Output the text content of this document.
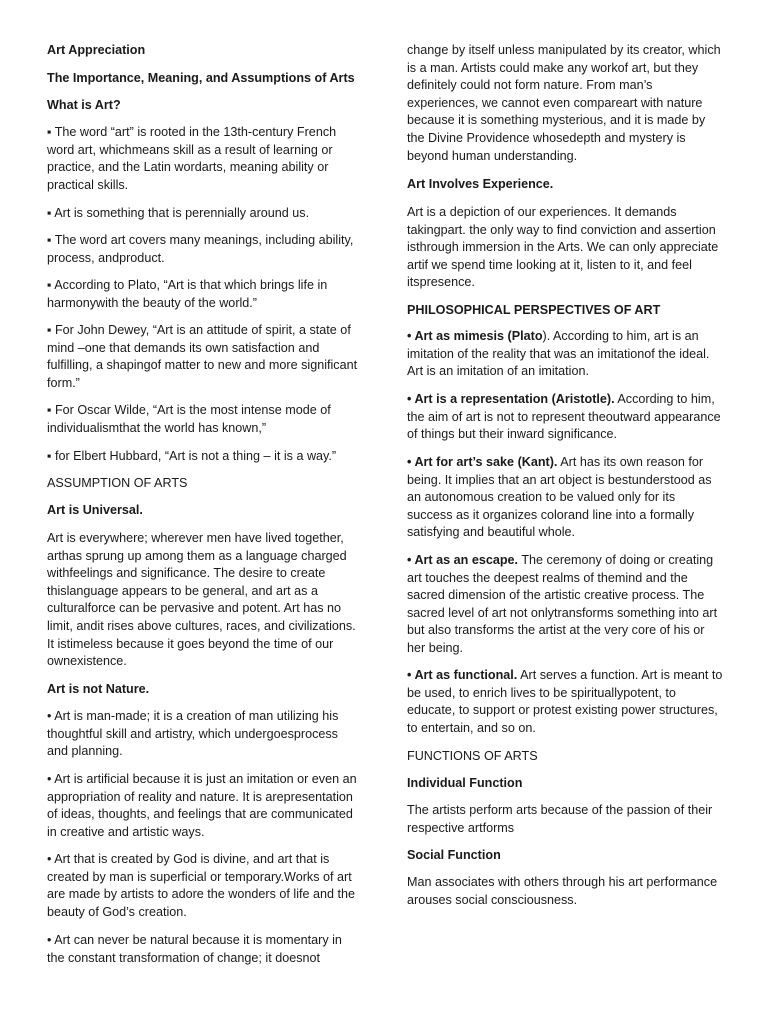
Art Appreciation

The Importance, Meaning, and Assumptions of Arts

What is Art?

▪ The word “art” is rooted in the 13th-century French word art, whichmeans skill as a result of learning or practice, and the Latin wordarts, meaning ability or practical skills.

▪ Art is something that is perennially around us.

▪ The word art covers many meanings, including ability, process, andproduct.

▪ According to Plato, “Art is that which brings life in harmonywith the beauty of the world.”

▪ For John Dewey, “Art is an attitude of spirit, a state of mind –one that demands its own satisfaction and fulfilling, a shapingof matter to new and more significant form.”

▪ For Oscar Wilde, “Art is the most intense mode of individualismthat the world has known,”

▪ for Elbert Hubbard, “Art is not a thing – it is a way.”

ASSUMPTION OF ARTS

Art is Universal.

Art is everywhere; wherever men have lived together, arthas sprung up among them as a language charged withfeelings and significance. The desire to create thislanguage appears to be general, and art as a culturalforce can be pervasive and potent. Art has no limit, andit rises above cultures, races, and civilizations. It istimeless because it goes beyond the time of our ownexistence.

Art is not Nature.

• Art is man-made; it is a creation of man utilizing his thoughtful skill and artistry, which undergoesprocess and planning.

• Art is artificial because it is just an imitation or even an appropriation of reality and nature. It is arepresentation of ideas, thoughts, and feelings that are communicated in creative and artistic ways.

• Art that is created by God is divine, and art that is created by man is superficial or temporary.Works of art are made by artists to adore the wonders of life and the beauty of God’s creation.

• Art can never be natural because it is momentary in the constant transformation of change; it doesnot

change by itself unless manipulated by its creator, which is a man. Artists could make any workof art, but they definitely could not form nature. From man’s experiences, we cannot even compareart with nature because it is something mysterious, and it is made by the Divine Providence whosedepth and mystery is beyond human understanding.

Art Involves Experience.

Art is a depiction of our experiences. It demands takingpart. the only way to find conviction and assertion isthrough immersion in the Arts. We can only appreciate artif we spend time looking at it, listen to it, and feel itspresence.

PHILOSOPHICAL PERSPECTIVES OF ART

• Art as mimesis (Plato). According to him, art is an imitation of the reality that was an imitationof the ideal. Art is an imitation of an imitation.

• Art is a representation (Aristotle). According to him, the aim of art is not to represent theoutward appearance of things but their inward significance.

• Art for art’s sake (Kant). Art has its own reason for being. It implies that an art object is bestunderstood as an autonomous creation to be valued only for its success as it organizes colorand line into a formally satisfying and beautiful whole.

• Art as an escape. The ceremony of doing or creating art touches the deepest realms of themind and the sacred dimension of the artistic creative process. The sacred level of art not onlytransforms something into art but also transforms the artist at the very core of his or her being.

• Art as functional. Art serves a function. Art is meant to be used, to enrich lives to be spirituallypotent, to educate, to support or protest existing power structures, to entertain, and so on.

FUNCTIONS OF ARTS

Individual Function

The artists perform arts because of the passion of their respective artforms

Social Function

Man associates with others through his art performance arouses social consciousness.
